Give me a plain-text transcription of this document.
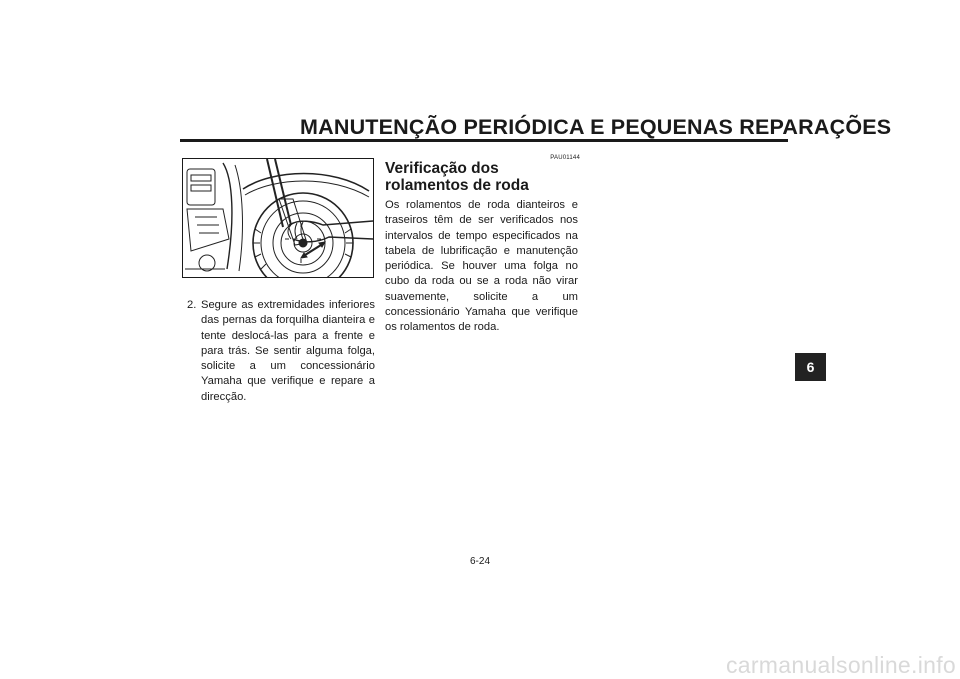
MANUTENÇÃO PERIÓDICA E PEQUENAS REPARAÇÕES
2. Segure as extremidades inferiores das pernas da forquilha dianteira e tente deslocá-las para a frente e para trás. Se sentir alguma folga, solicite a um concessionário Yamaha que verifique e repare a direcção.
PAU01144
Verificação dos rolamentos de roda
Os rolamentos de roda dianteiros e traseiros têm de ser verificados nos intervalos de tempo especificados na tabela de lubrificação e manutenção periódica. Se houver uma folga no cubo da roda ou se a roda não virar suavemente, solicite a um concessionário Yamaha que verifique os rolamentos de roda.
6
6-24
carmanualsonline.info
